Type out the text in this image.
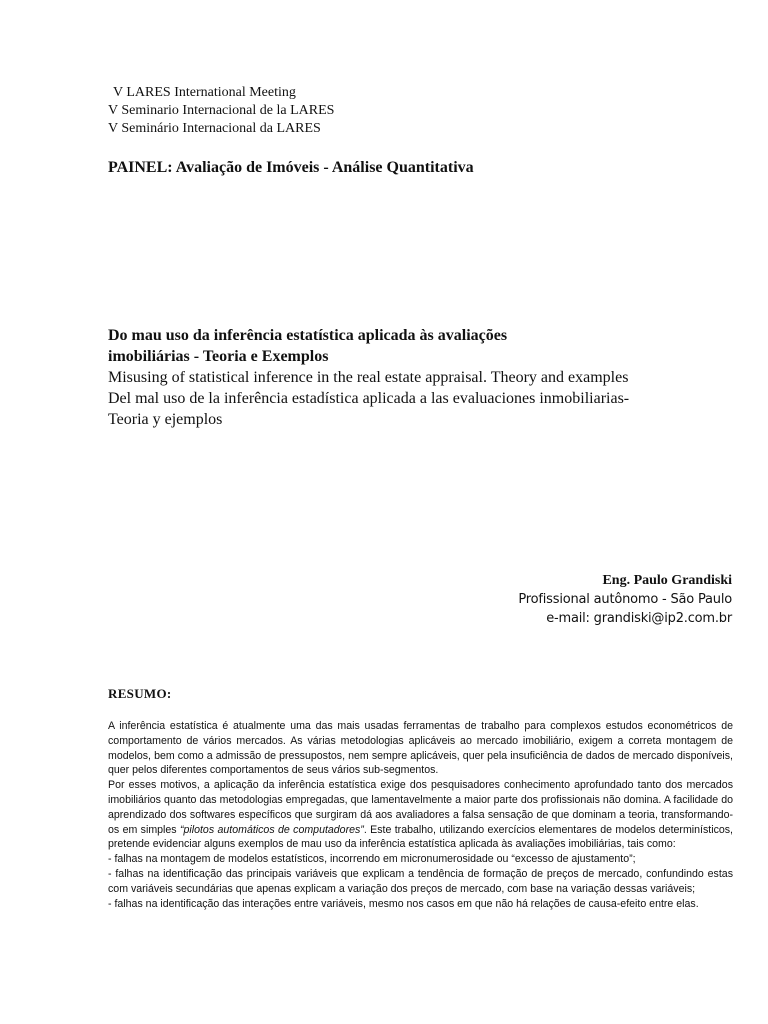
V LARES International Meeting
V Seminario Internacional de la LARES
V Seminário Internacional da LARES
PAINEL: Avaliação de Imóveis - Análise Quantitativa
Do mau uso da inferência estatística aplicada às avaliações
imobiliárias - Teoria e Exemplos
Misusing of statistical inference in the real estate appraisal. Theory and examples
Del mal uso de la inferência estadística aplicada a las evaluaciones inmobiliarias-
Teoria y ejemplos
Eng. Paulo Grandiski
Profissional autônomo - São Paulo
e-mail: grandiski@ip2.com.br
RESUMO:

A inferência estatística é atualmente uma das mais usadas ferramentas de trabalho para complexos estudos econométricos de comportamento de vários mercados. As várias metodologias aplicáveis ao mercado imobiliário, exigem a correta montagem de modelos, bem como a admissão de pressupostos, nem sempre aplicáveis, quer pela insuficiência de dados de mercado disponíveis, quer pelos diferentes comportamentos de seus vários sub-segmentos.

Por esses motivos, a aplicação da inferência estatística exige dos pesquisadores conhecimento aprofundado tanto dos mercados imobiliários quanto das metodologias empregadas, que lamentavelmente a maior parte dos profissionais não domina. A facilidade do aprendizado dos softwares específicos que surgiram dá aos avaliadores a falsa sensação de que dominam a teoria, transformando-os em simples “pilotos automáticos de computadores”. Este trabalho, utilizando exercícios elementares de modelos determinísticos, pretende evidenciar alguns exemplos de mau uso da inferência estatística aplicada às avaliações imobiliárias, tais como:

- falhas na montagem de modelos estatísticos, incorrendo em micronumerosidade ou “excesso de ajustamento”;

- falhas na identificação das principais variáveis que explicam a tendência de formação de preços de mercado, confundindo estas com variáveis secundárias que apenas explicam a variação dos preços de mercado, com base na variação dessas variáveis;

- falhas na identificação das interações entre variáveis, mesmo nos casos em que não há relações de causa-efeito entre elas.
